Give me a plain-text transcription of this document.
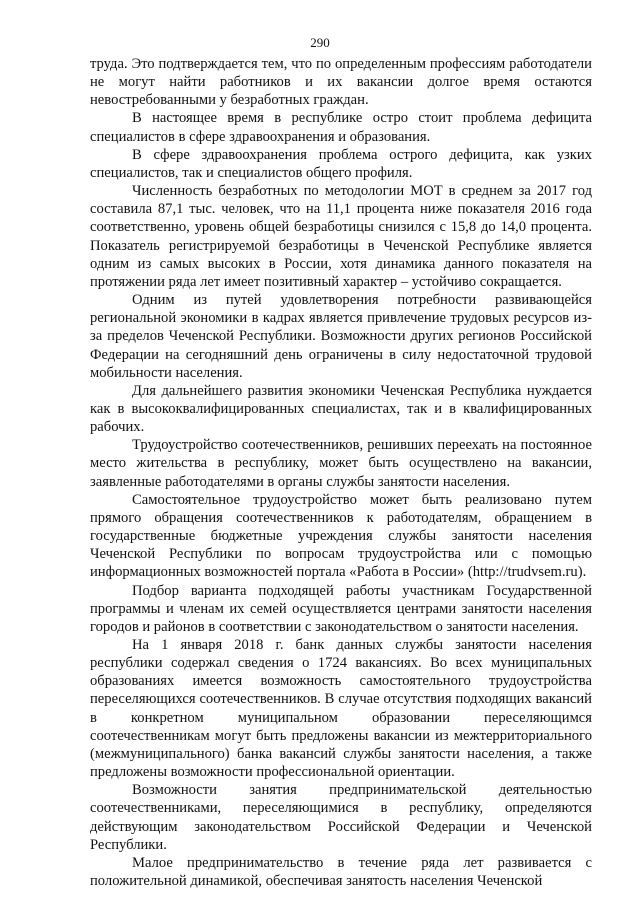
290

труда. Это подтверждается тем, что по определенным профессиям работодатели не могут найти работников и их вакансии долгое время остаются невостребованными у безработных граждан.

В настоящее время в республике остро стоит проблема дефицита специалистов в сфере здравоохранения и образования.

В сфере здравоохранения проблема острого дефицита, как узких специалистов, так и специалистов общего профиля.

Численность безработных по методологии МОТ в среднем за 2017 год составила 87,1 тыс. человек, что на 11,1 процента ниже показателя 2016 года соответственно, уровень общей безработицы снизился с 15,8 до 14,0 процента. Показатель регистрируемой безработицы в Чеченской Республике является одним из самых высоких в России, хотя динамика данного показателя на протяжении ряда лет имеет позитивный характер – устойчиво сокращается.

Одним из путей удовлетворения потребности развивающейся региональной экономики в кадрах является привлечение трудовых ресурсов из-за пределов Чеченской Республики. Возможности других регионов Российской Федерации на сегодняшний день ограничены в силу недостаточной трудовой мобильности населения.

Для дальнейшего развития экономики Чеченская Республика нуждается как в высококвалифицированных специалистах, так и в квалифицированных рабочих.

Трудоустройство соотечественников, решивших переехать на постоянное место жительства в республику, может быть осуществлено на вакансии, заявленные работодателями в органы службы занятости населения.

Самостоятельное трудоустройство может быть реализовано путем прямого обращения соотечественников к работодателям, обращением в государственные бюджетные учреждения службы занятости населения Чеченской Республики по вопросам трудоустройства или с помощью информационных возможностей портала «Работа в России» (http://trudvsem.ru).

Подбор варианта подходящей работы участникам Государственной программы и членам их семей осуществляется центрами занятости населения городов и районов в соответствии с законодательством о занятости населения.

На 1 января 2018 г. банк данных службы занятости населения республики содержал сведения о 1724 вакансиях. Во всех муниципальных образованиях имеется возможность самостоятельного трудоустройства переселяющихся соотечественников. В случае отсутствия подходящих вакансий в конкретном муниципальном образовании переселяющимся соотечественникам могут быть предложены вакансии из межтерриториального (межмуниципального) банка вакансий службы занятости населения, а также предложены возможности профессиональной ориентации.

Возможности занятия предпринимательской деятельностью соотечественниками, переселяющимися в республику, определяются действующим законодательством Российской Федерации и Чеченской Республики.

Малое предпринимательство в течение ряда лет развивается с положительной динамикой, обеспечивая занятость населения Чеченской
